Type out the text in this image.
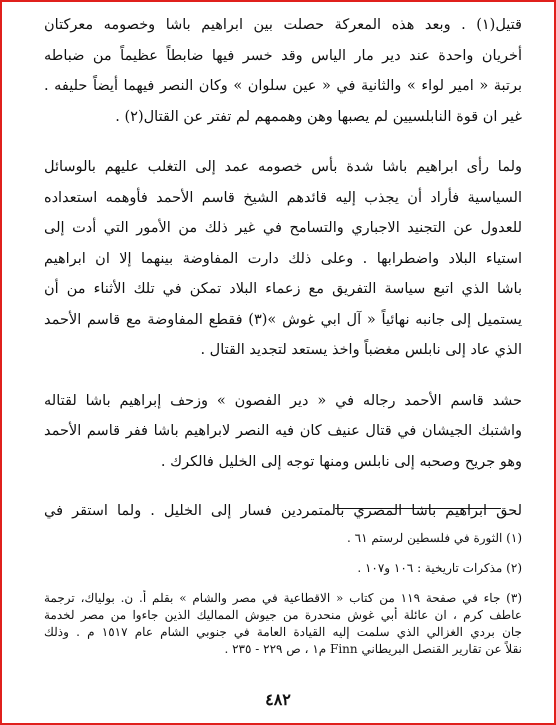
قتيل(١) . وبعد هذه المعركة حصلت بين ابراهيم باشا وخصومه معركتان
أخريان واحدة عند دير مار الياس وقد خسر فيها ضابطاً عظيماً من ضباطه
برتبة « امير لواء » والثانية في « عين سلوان » وكان النصر فيهما أيضاً حليفه .
غير ان قوة النابلسيين لم يصبها وهن وهممهم لم تفتر عن القتال(٢) .

ولما رأى ابراهيم باشا شدة بأس خصومه عمد إلى التغلب عليهم بالوسائل
السياسية فأراد أن يجذب إليه قائدهم الشيخ قاسم الأحمد فأوهمه استعداده
للعدول عن التجنيد الاجباري والتسامح في غير ذلك من الأمور التي أدت إلى
استياء البلاد واضطرابها . وعلى ذلك دارت المفاوضة بينهما إلا ان ابراهيم
باشا الذي اتبع سياسة التفريق مع زعماء البلاد تمكن في تلك الأثناء من أن
يستميل إلى جانبه نهائياً « آل ابي غوش »(٣) فقطع المفاوضة مع قاسم الأحمد
الذي عاد إلى نابلس مغضباً واخذ يستعد لتجديد القتال .

حشد قاسم الأحمد رجاله في « دير الفصون » وزحف إبراهيم باشا لقتاله
واشتبك الجيشان في قتال عنيف كان فيه النصر لابراهيم باشا ففر قاسم الأحمد
وهو جريح وصحبه إلى نابلس ومنها توجه إلى الخليل فالكرك .

لحق ابراهيم باشا المصري بالمتمردين فسار إلى الخليل . ولما استقر في

(١) الثورة في فلسطين لرستم ٦١ .

(٢) مذكرات تاريخية : ١٠٦ و١٠٧ .

(٣) جاء في صفحة ١١٩ من كتاب « الاقطاعية في مصر والشام » بقلم أ. ن. بولياك، ترجمة
عاطف كرم ، ان عائلة أبي غوش منحدرة من جيوش المماليك الذين جاءوا من مصر لخدمة
جان بردي الغزالي الذي سلمت إليه القيادة العامة في جنوبي الشام عام ١٥١٧ م . وذلك
نقلاً عن تقارير القنصل البريطاني Finn م١ ، ص ٢٢٩ - ٢٣٥ .

٤٨٢
